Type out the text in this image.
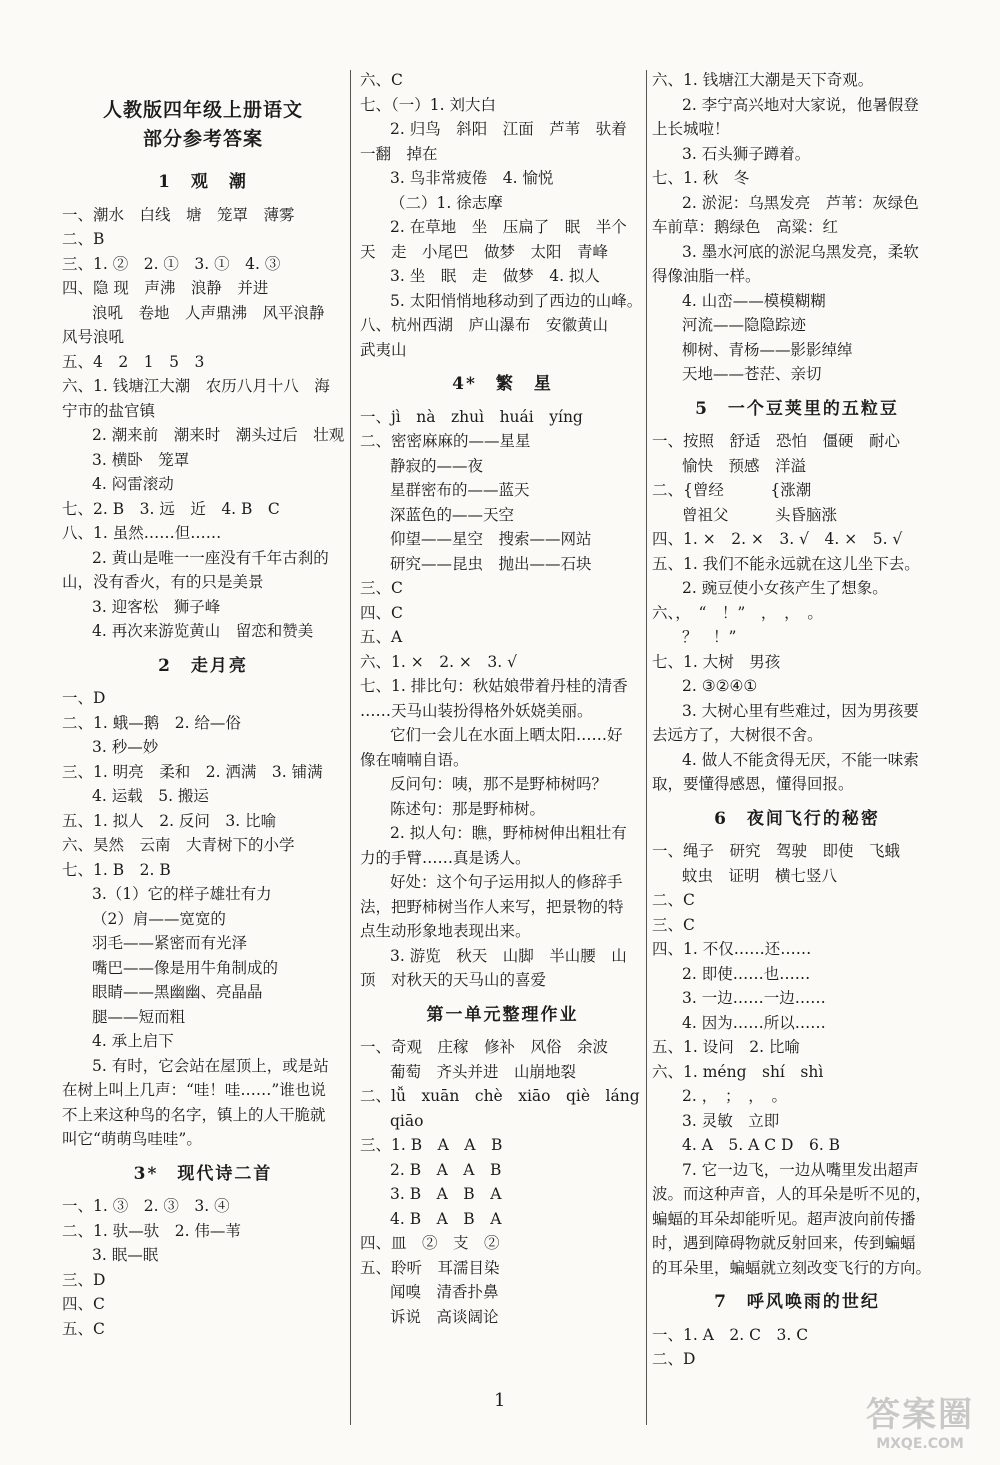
人教版四年级上册语文
部分参考答案
1　观　潮
一、潮水　白线　塘　笼罩　薄雾
二、B
三、1. ②　2. ①　3. ①　4. ③
四、隐 现　声沸　浪静　并进
浪吼　卷地　人声鼎沸　风平浪静
风号浪吼
五、4　2　1　5　3
六、1. 钱塘江大潮　农历八月十八　海
宁市的盐官镇
2. 潮来前　潮来时　潮头过后　壮观
3. 横卧　笼罩
4. 闷雷滚动
七、2. B　3. 远　近　4. B　C
八、1. 虽然……但……
2. 黄山是唯一一座没有千年古刹的
山，没有香火，有的只是美景
3. 迎客松　狮子峰
4. 再次来游览黄山　留恋和赞美
2　走月亮
一、D
二、1. 蛾—鹅　2. 给—俗
3. 秒—妙
三、1. 明亮　柔和　2. 洒满　3. 铺满
4. 运载　5. 搬运
五、1. 拟人　2. 反问　3. 比喻
六、昊然　云南　大青树下的小学
七、1. B　2. B
3.（1）它的样子雄壮有力
（2）肩——宽宽的
羽毛——紧密而有光泽
嘴巴——像是用牛角制成的
眼睛——黑幽幽、亮晶晶
腿——短而粗
4. 承上启下
5. 有时，它会站在屋顶上，或是站
在树上叫上几声：“哇！哇……”谁也说
不上来这种鸟的名字，镇上的人干脆就
叫它“萌萌鸟哇哇”。
3*　现代诗二首
一、1. ③　2. ③　3. ④
二、1. 驮—驮　2. 伟—苇
3. 眠—眠
三、D
四、C
五、C
六、C
七、（一）1. 刘大白
2. 归鸟　斜阳　江面　芦苇　驮着
一翻　掉在
3. 鸟非常疲倦　4. 愉悦
（二）1. 徐志摩
2. 在草地　坐　压扁了　眠　半个
天　走　小尾巴　做梦　太阳　青峰
3. 坐　眠　走　做梦　4. 拟人
5. 太阳悄悄地移动到了西边的山峰。
八、杭州西湖　庐山瀑布　安徽黄山
武夷山
4*　繁　星
一、jì　nà　zhuì　huái　yíng
二、密密麻麻的——星星
静寂的——夜
星群密布的——蓝天
深蓝色的——天空
仰望——星空　搜索——网站
研究——昆虫　抛出——石块
三、C
四、C
五、A
六、1. ×　2. ×　3. √
七、1. 排比句：秋姑娘带着丹桂的清香
……天马山装扮得格外妖娆美丽。
它们一会儿在水面上晒太阳……好
像在喃喃自语。
反问句：咦，那不是野柿树吗？
陈述句：那是野柿树。
2. 拟人句：瞧，野柿树伸出粗壮有
力的手臂……真是诱人。
好处：这个句子运用拟人的修辞手
法，把野柿树当作人来写，把景物的特
点生动形象地表现出来。
3. 游览　秋天　山脚　半山腰　山
顶　对秋天的天马山的喜爱
第一单元整理作业
一、奇观　庄稼　修补　风俗　余波
葡萄　齐头并进　山崩地裂
二、lǚ　xuān　chè　xiāo　qiè　láng
qiāo
三、1. B　A　A　B
2. B　A　A　B
3. B　A　B　A
4. B　A　B　A
四、皿　②　支　②
五、聆听　耳濡目染
闻嗅　清香扑鼻
诉说　高谈阔论
六、1. 钱塘江大潮是天下奇观。
2. 李宁高兴地对大家说，他暑假登
上长城啦！
3. 石头狮子蹲着。
七、1. 秋　冬
2. 淤泥：乌黑发亮　芦苇：灰绿色
车前草：鹅绿色　高粱：红
3. 墨水河底的淤泥乌黑发亮，柔软
得像油脂一样。
4. 山峦——模模糊糊
河流——隐隐踪迹
柳树、青杨——影影绰绰
天地——苍茫、亲切
5　一个豆荚里的五粒豆
一、按照　舒适　恐怕　僵硬　耐心
愉快　预感　洋溢
二、{曾经　　　{涨潮
曾祖父　　　头昏脑涨
四、1. ×　2. ×　3. √　4. ×　5. √
五、1. 我们不能永远就在这儿坐下去。
2. 豌豆使小女孩产生了想象。
六、，　“　！”　，　，　。
？　！”
七、1. 大树　男孩
2. ③②④①
3. 大树心里有些难过，因为男孩要
去远方了，大树很不舍。
4. 做人不能贪得无厌，不能一味索
取，要懂得感恩，懂得回报。
6　夜间飞行的秘密
一、绳子　研究　驾驶　即使　飞蛾
蚊虫　证明　横七竖八
二、C
三、C
四、1. 不仅……还……
2. 即使……也……
3. 一边……一边……
4. 因为……所以……
五、1. 设问　2. 比喻
六、1. méng　shí　shì
2. ，　；　，　。
3. 灵敏　立即
4. A　5. A C D　6. B
7. 它一边飞，一边从嘴里发出超声
波。而这种声音，人的耳朵是听不见的，
蝙蝠的耳朵却能听见。超声波向前传播
时，遇到障碍物就反射回来，传到蝙蝠
的耳朵里，蝙蝠就立刻改变飞行的方向。
7　呼风唤雨的世纪
一、1. A　2. C　3. C
二、D
1	答案圈
MXQE.COM
